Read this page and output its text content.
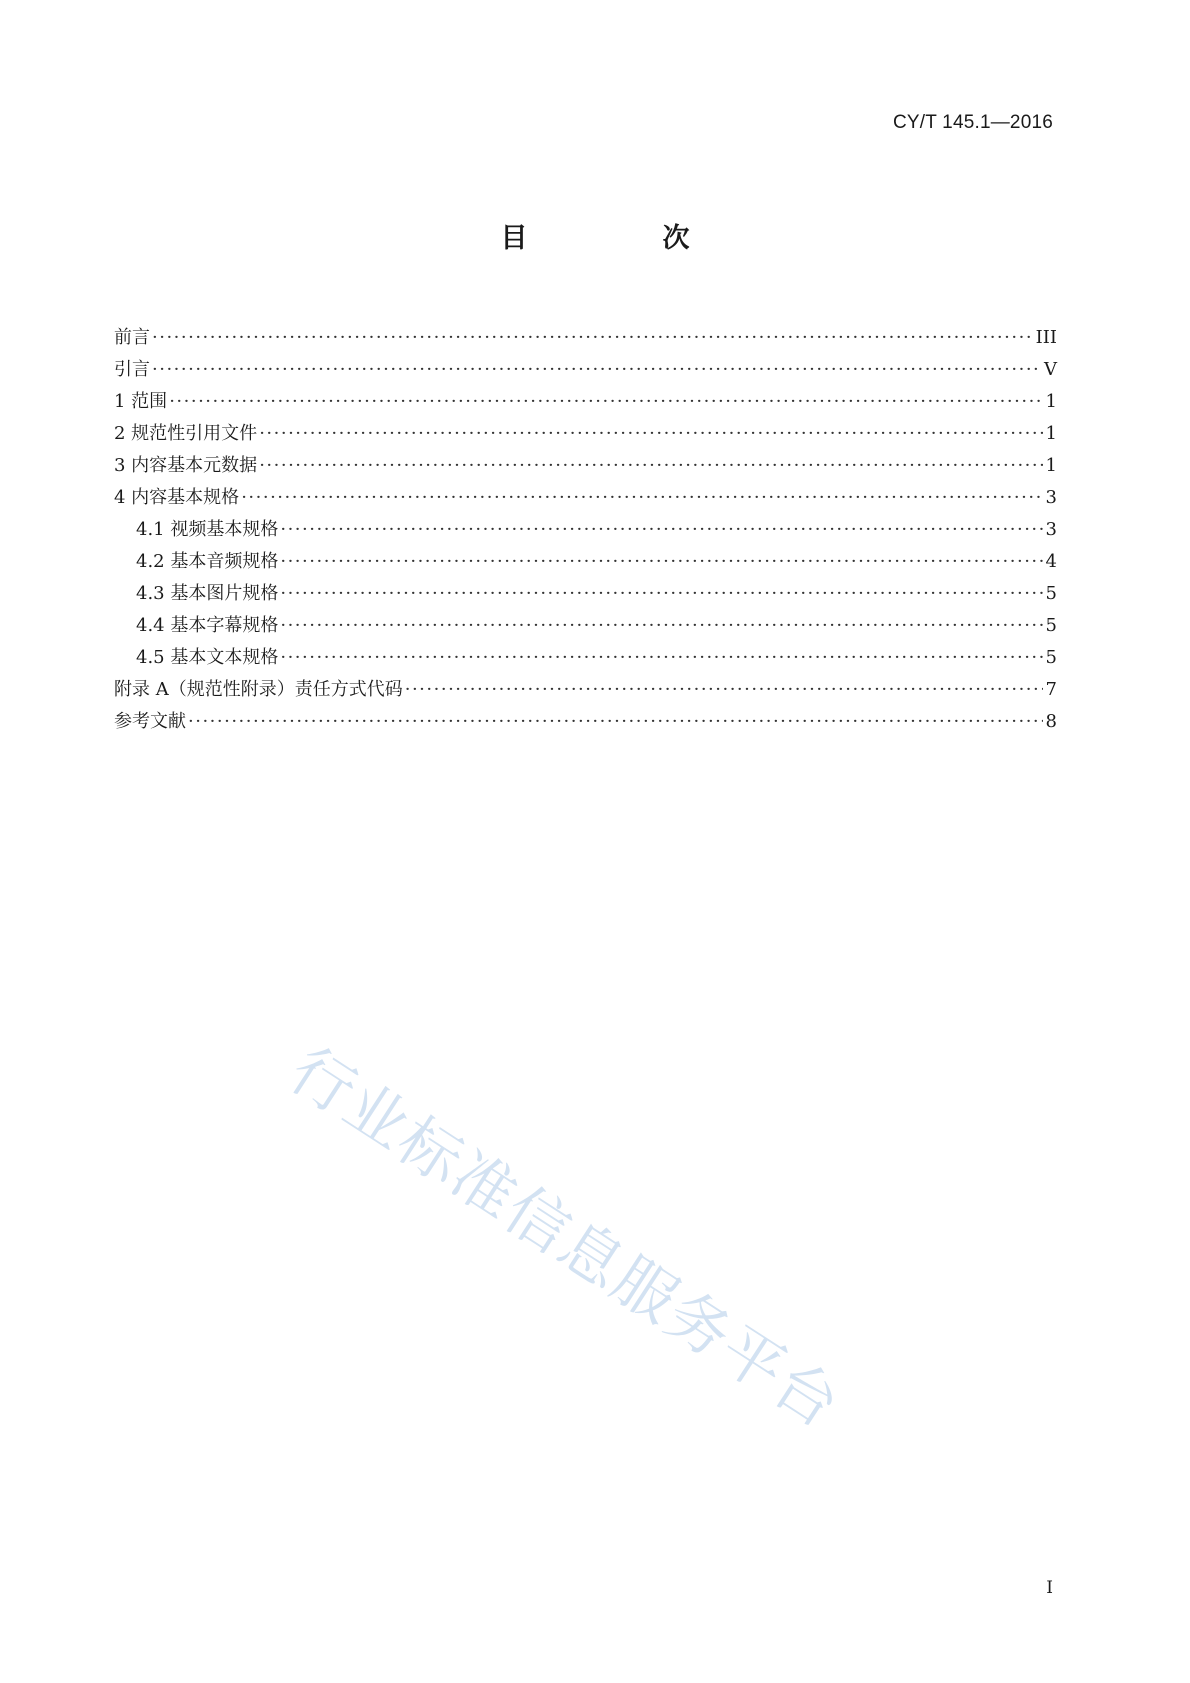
CY/T 145.1—2016
目　次
前言 ·····	III
引言 ·····	V
1 范围 ·····	1
2 规范性引用文件 ·····	1
3 内容基本元数据 ·····	1
4 内容基本规格 ·····	3
4.1 视频基本规格 ·····	3
4.2 基本音频规格 ·····	4
4.3 基本图片规格 ·····	5
4.4 基本字幕规格 ·····	5
4.5 基本文本规格 ·····	5
附录 A（规范性附录）责任方式代码 ·····	7
参考文献 ·····	8
行业标准信息服务平台
I
